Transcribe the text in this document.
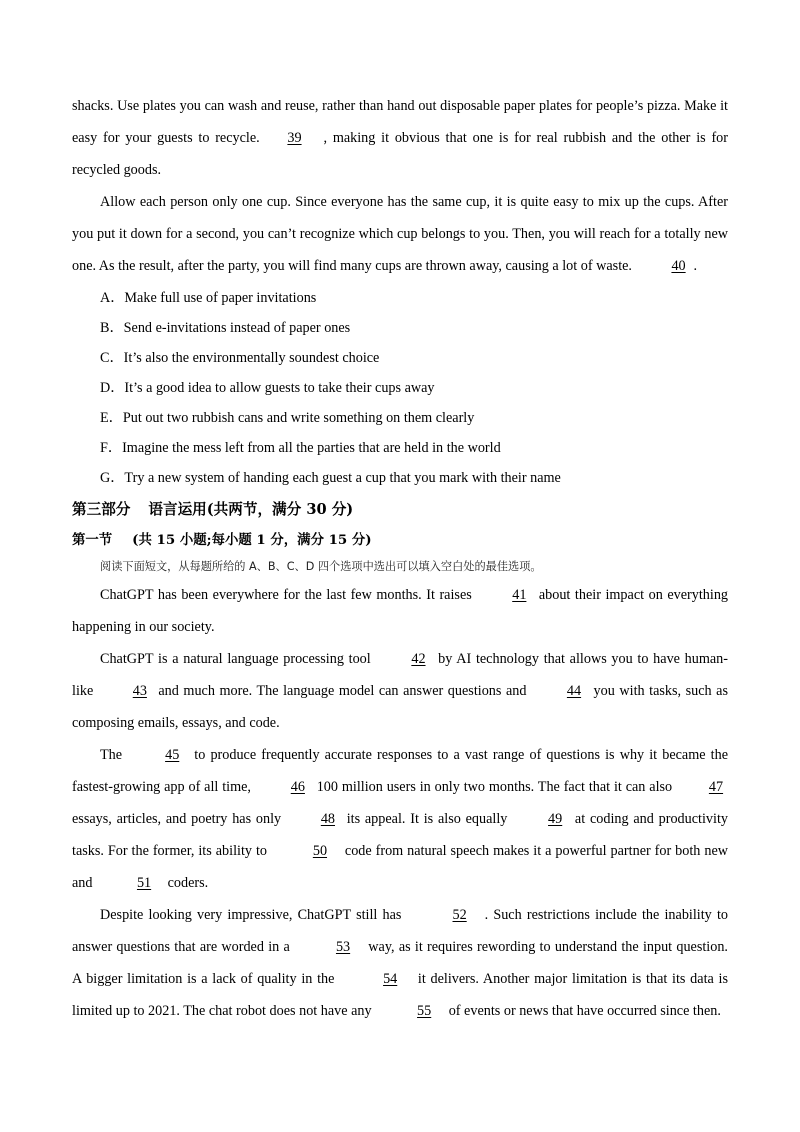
shacks. Use plates you can wash and reuse, rather than hand out disposable paper plates for people’s pizza. Make it easy for your guests to recycle. 39 , making it obvious that one is for real rubbish and the other is for recycled goods.

Allow each person only one cup. Since everyone has the same cup, it is quite easy to mix up the cups. After you put it down for a second, you can’t recognize which cup belongs to you. Then, you will reach for a totally new one. As the result, after the party, you will find many cups are thrown away, causing a lot of waste.	40 .

A．Make full use of paper invitations

B．Send e-invitations instead of paper ones

C．It’s also the environmentally soundest choice

D．It’s a good idea to allow guests to take their cups away

E．Put out two rubbish cans and write something on them clearly

F．Imagine the mess left from all the parties that are held in the world

G．Try a new system of handing each guest a cup that you mark with their name

第三部分 语言运用(共两节，满分 30 分)

第一节 (共 15 小题;每小题 1 分，满分 15 分)

阅读下面短文，从每题所给的 A、B、C、D 四个选项中选出可以填入空白处的最佳选项。

ChatGPT has been everywhere for the last few months. It raises	41 about their impact on everything happening in our society.

ChatGPT is a natural language processing tool	42 by AI technology that allows you to have human-like 43 and much more. The language model can answer questions and	44 you with tasks, such as composing emails, essays, and code.

The	45 to produce frequently accurate responses to a vast range of questions is why it became the fastest-growing app of all time,	46 100 million users in only two months. The fact that it can also 47 essays, articles, and poetry has only 48 its appeal. It is also equally	49 at coding and productivity tasks. For the former, its ability to	50 code from natural speech makes it a powerful partner for both new and	51 coders.

Despite looking very impressive, ChatGPT still has	52 . Such restrictions include the inability to answer questions that are worded in a	53 way, as it requires rewording to understand the input question. A bigger limitation is a lack of quality in the	54 it delivers. Another major limitation is that its data is limited up to 2021. The chat robot does not have any	55 of events or news that have occurred since then.
